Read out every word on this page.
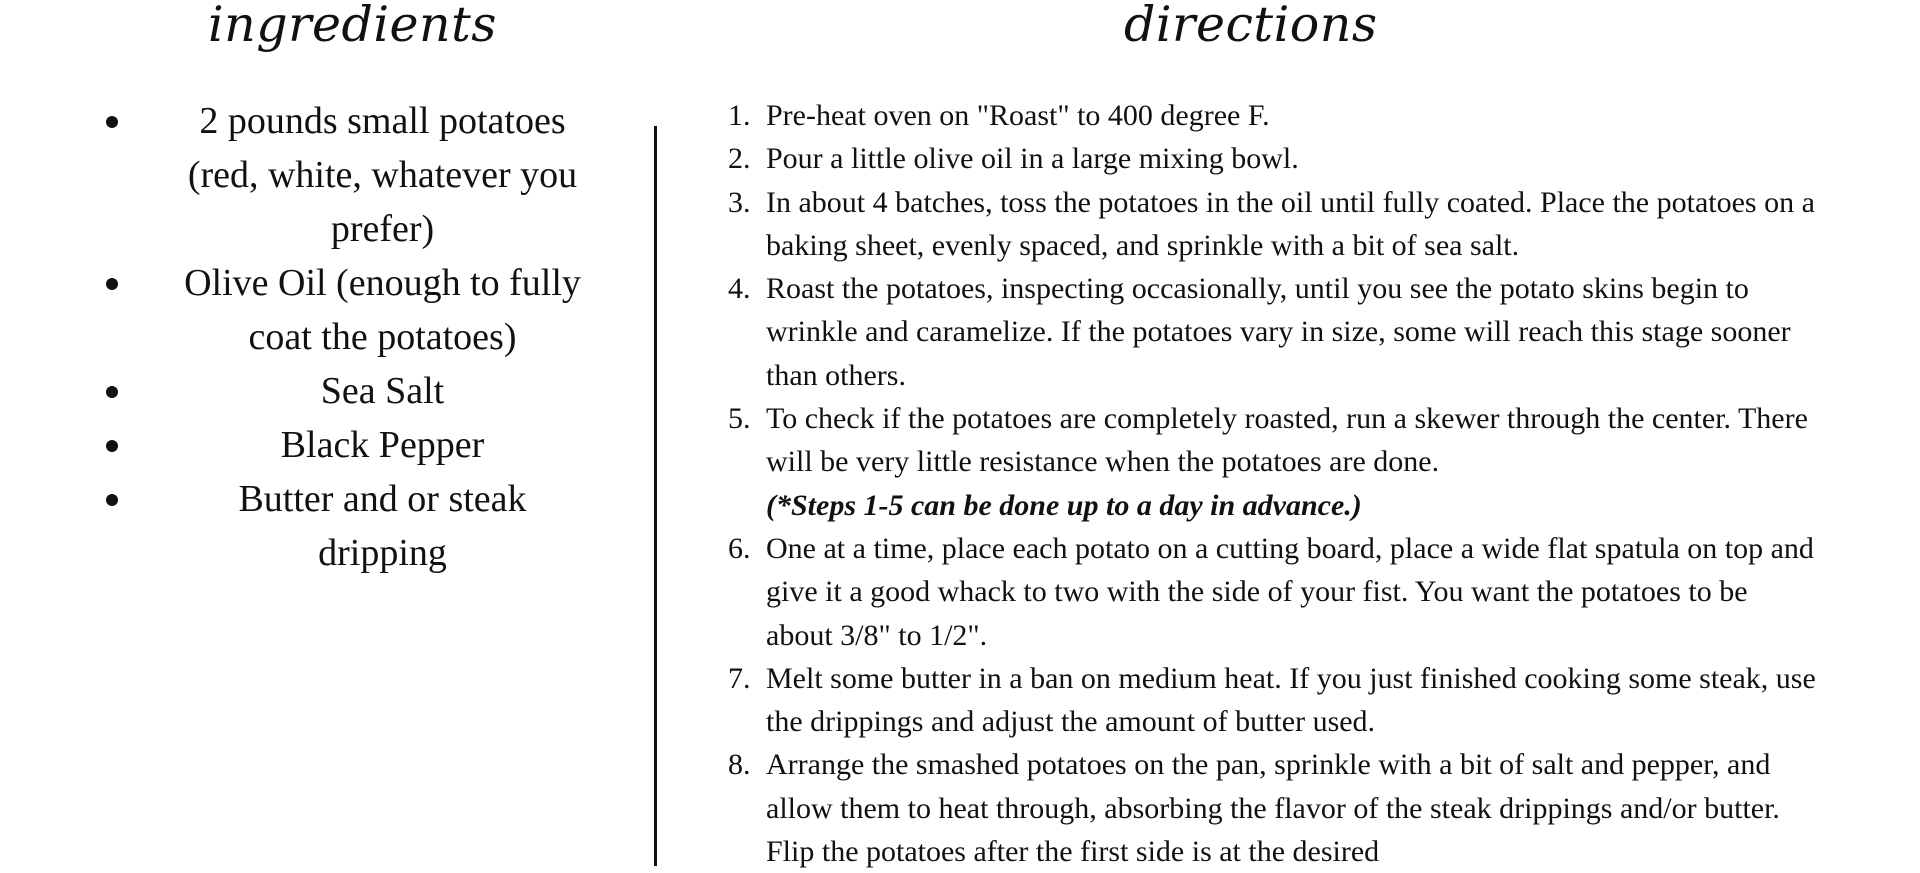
ingredients	directions
2 pounds small potatoes (red, white, whatever you prefer)
Olive Oil (enough to fully coat the potatoes)
Sea Salt
Black Pepper
Butter and or steak dripping
1. Pre-heat oven on "Roast" to 400 degree F.
2. Pour a little olive oil in a large mixing bowl.
3. In about 4 batches, toss the potatoes in the oil until fully coated. Place the potatoes on a baking sheet, evenly spaced, and sprinkle with a bit of sea salt.
4. Roast the potatoes, inspecting occasionally, until you see the potato skins begin to wrinkle and caramelize. If the potatoes vary in size, some will reach this stage sooner than others.
5. To check if the potatoes are completely roasted, run a skewer through the center. There will be very little resistance when the potatoes are done.
(*Steps 1-5 can be done up to a day in advance.)
6. One at a time, place each potato on a cutting board, place a wide flat spatula on top and give it a good whack to two with the side of your fist. You want the potatoes to be about 3/8" to 1/2".
7. Melt some butter in a ban on medium heat. If you just finished cooking some steak, use the drippings and adjust the amount of butter used.
8. Arrange the smashed potatoes on the pan, sprinkle with a bit of salt and pepper, and allow them to heat through, absorbing the flavor of the steak drippings and/or butter. Flip the potatoes after the first side is at the desired
